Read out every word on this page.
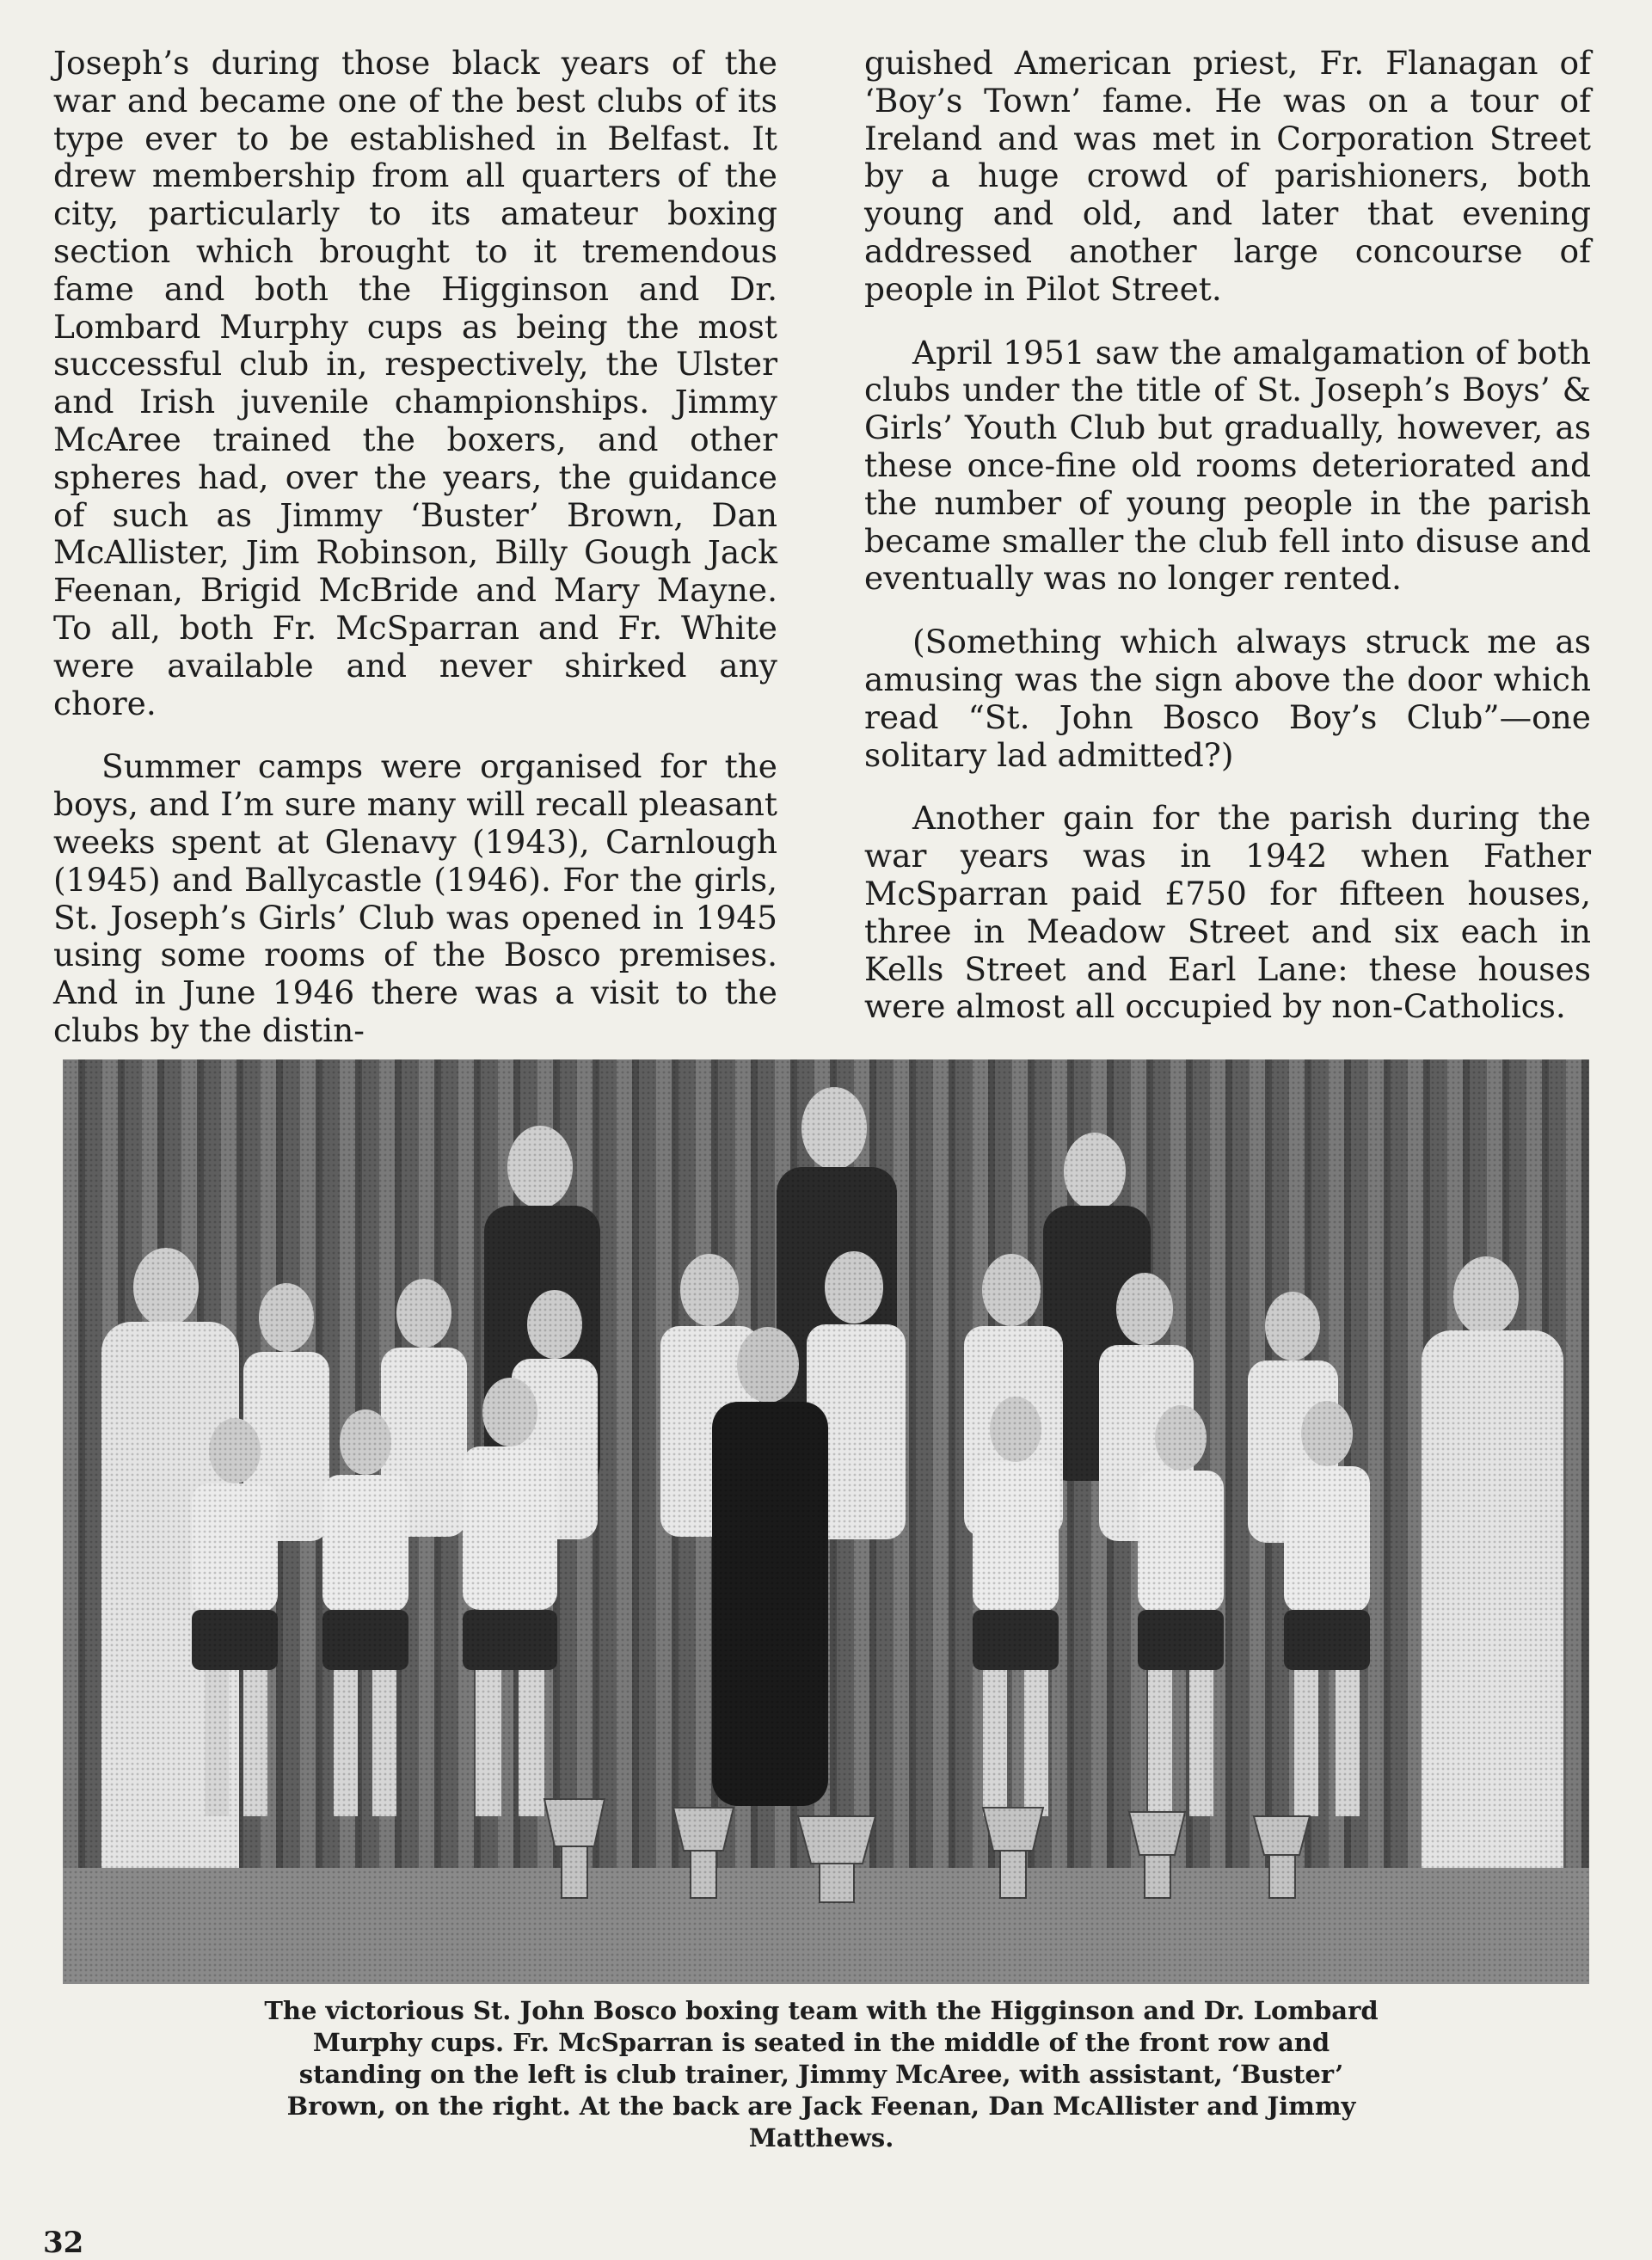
Joseph’s during those black years of the war and became one of the best clubs of its type ever to be established in Belfast. It drew membership from all quarters of the city, particularly to its amateur boxing section which brought to it tremendous fame and both the Higginson and Dr. Lombard Murphy cups as being the most successful club in, respectively, the Ulster and Irish juvenile championships. Jimmy McAree trained the boxers, and other spheres had, over the years, the guidance of such as Jimmy ‘Buster’ Brown, Dan McAllister, Jim Robinson, Billy Gough Jack Feenan, Brigid McBride and Mary Mayne. To all, both Fr. McSparran and Fr. White were available and never shirked any chore.

Summer camps were organised for the boys, and I’m sure many will recall pleasant weeks spent at Glenavy (1943), Carnlough (1945) and Ballycastle (1946). For the girls, St. Joseph’s Girls’ Club was opened in 1945 using some rooms of the Bosco premises. And in June 1946 there was a visit to the clubs by the distin-

guished American priest, Fr. Flanagan of ‘Boy’s Town’ fame. He was on a tour of Ireland and was met in Corporation Street by a huge crowd of parishioners, both young and old, and later that evening addressed another large concourse of people in Pilot Street.

April 1951 saw the amalgamation of both clubs under the title of St. Joseph’s Boys’ & Girls’ Youth Club but gradually, however, as these once-fine old rooms deteriorated and the number of young people in the parish became smaller the club fell into disuse and eventually was no longer rented.

(Something which always struck me as amusing was the sign above the door which read “St. John Bosco Boy’s Club”—one solitary lad admitted?)

Another gain for the parish during the war years was in 1942 when Father McSparran paid £750 for fifteen houses, three in Meadow Street and six each in Kells Street and Earl Lane: these houses were almost all occupied by non-Catholics.

The victorious St. John Bosco boxing team with the Higginson and Dr. Lombard Murphy cups. Fr. McSparran is seated in the middle of the front row and standing on the left is club trainer, Jimmy McAree, with assistant, ‘Buster’ Brown, on the right. At the back are Jack Feenan, Dan McAllister and Jimmy Matthews.
32
